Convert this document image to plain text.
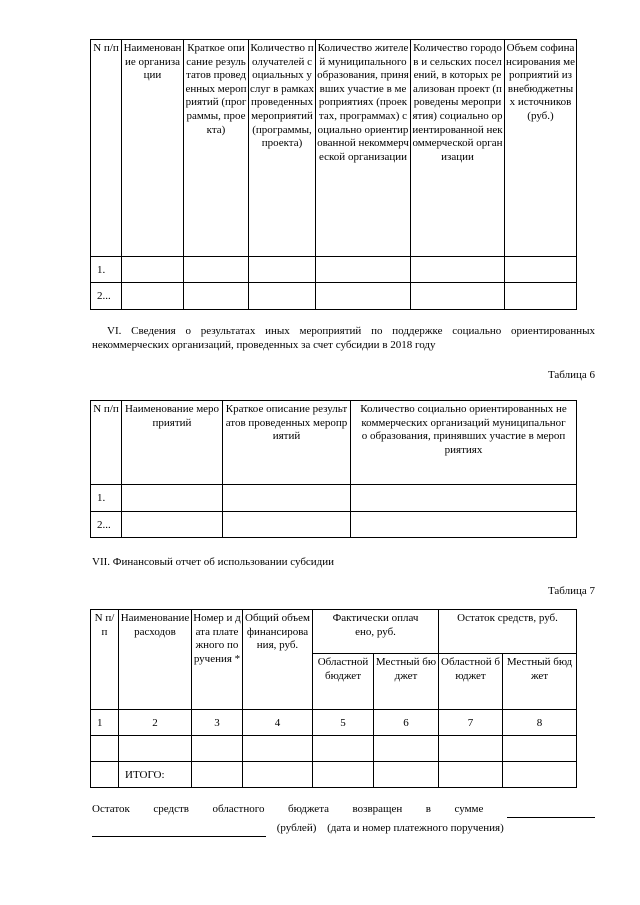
N п/п	Наименование организации	Краткое описание результатов проведенных мероприятий (программы, проекта)	Количество получателей социальных услуг в рамках проведенных мероприятий (программы, проекта)	Количество жителей муниципального образования, принявших участие в мероприятиях (проектах, программах) социально ориентированной некоммерческой организации	Количество городов и сельских поселений, в которых реализован проект (проведены мероприятия) социально ориентированной некоммерческой организации	Объем софинансирования мероприятий из внебюджетных источников (руб.)
1.						
2...						
VI. Сведения о результатах иных мероприятий по поддержке социально ориентированных некоммерческих организаций, проведенных за счет субсидии в 2018 году
Таблица 6
N п/п	Наименование мероприятий	Краткое описание результатов проведенных мероприятий	Количество социально ориентированных некоммерческих организаций муниципального образования, принявших участие в мероприятиях
1.			
2...			
VII. Финансовый отчет об использовании субсидии
Таблица 7
N п/п	Наименование расходов	Номер и дата платежного поручения *	Общий объем финансирования, руб.	Фактически оплачено, руб.		Остаток средств, руб.	
				Областной бюджет	Местный бюджет	Областной бюджет	Местный бюджет
1	2	3	4	5	6	7	8

	ИТОГО:						
Остаток средств областного бюджета возвращен в сумме

(рублей) (дата и номер платежного поручения)
